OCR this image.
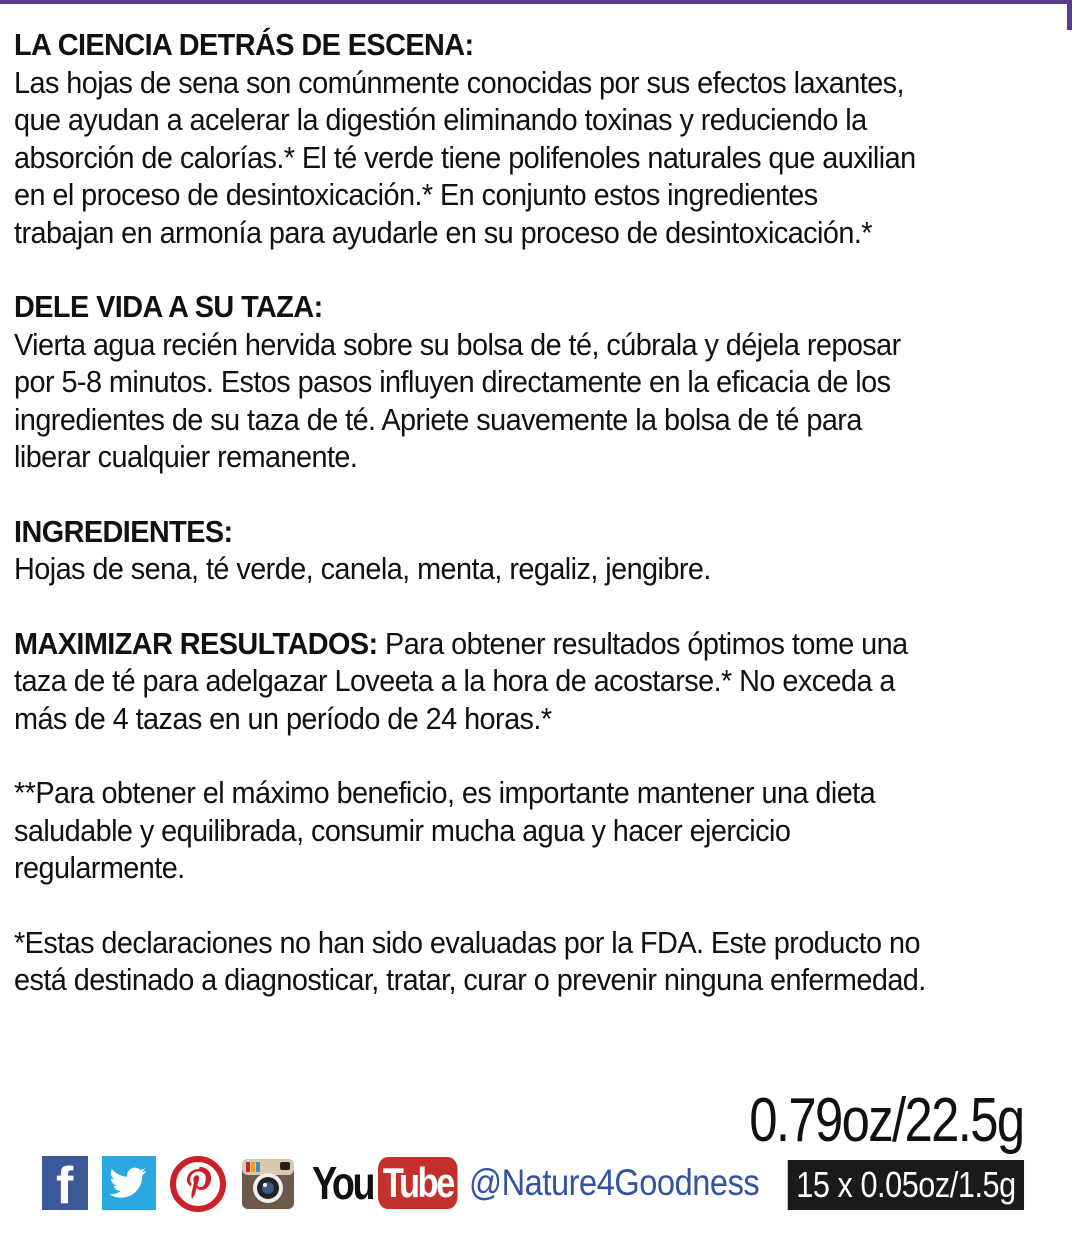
LA CIENCIA DETRÁS DE ESCENA:
Las hojas de sena son comúnmente conocidas por sus efectos laxantes,
que ayudan a acelerar la digestión eliminando toxinas y reduciendo la
absorción de calorías.* El té verde tiene polifenoles naturales que auxilian
en el proceso de desintoxicación.* En conjunto estos ingredientes
trabajan en armonía para ayudarle en su proceso de desintoxicación.*
DELE VIDA A SU TAZA:
Vierta agua recién hervida sobre su bolsa de té, cúbrala y déjela reposar
por 5-8 minutos. Estos pasos influyen directamente en la eficacia de los
ingredientes de su taza de té. Apriete suavemente la bolsa de té para
liberar cualquier remanente.
INGREDIENTES:
Hojas de sena, té verde, canela, menta, regaliz, jengibre.
MAXIMIZAR RESULTADOS: Para obtener resultados óptimos tome una
taza de té para adelgazar Loveeta a la hora de acostarse.* No exceda a
más de 4 tazas en un período de 24 horas.*
**Para obtener el máximo beneficio, es importante mantener una dieta
saludable y equilibrada, consumir mucha agua y hacer ejercicio
regularmente.
*Estas declaraciones no han sido evaluadas por la FDA. Este producto no
está destinado a diagnosticar, tratar, curar o prevenir ninguna enfermedad.
0.79oz/22.5g
15 x 0.05oz/1.5g
f	You Tube @Nature4Goodness
